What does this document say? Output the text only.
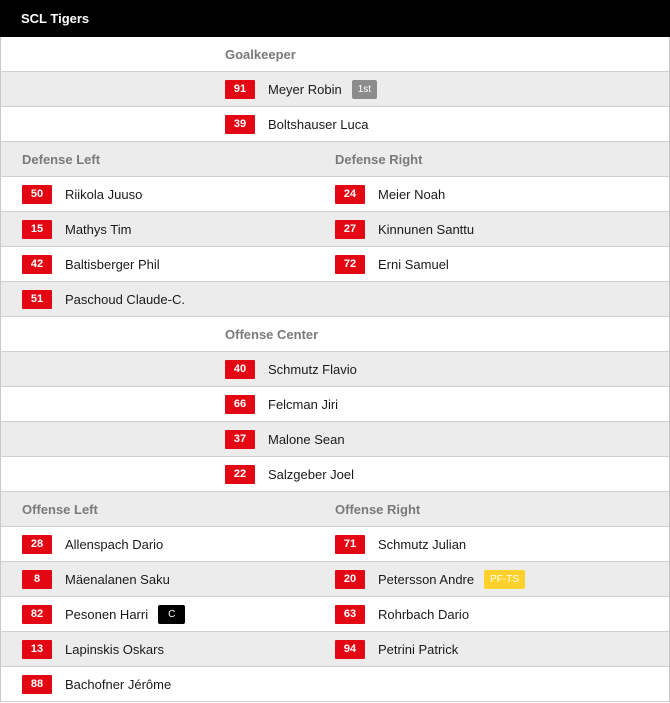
SCL Tigers
Goalkeeper
91	Meyer Robin	1st
39	Boltshauser Luca
Defense Left	Defense Right
50	Riikola Juuso	24	Meier Noah
15	Mathys Tim	27	Kinnunen Santtu
42	Baltisberger Phil	72	Erni Samuel
51	Paschoud Claude-C.
Offense Center
40	Schmutz Flavio
66	Felcman Jiri
37	Malone Sean
22	Salzgeber Joel
Offense Left	Offense Right
28	Allenspach Dario	71	Schmutz Julian
8	Mäenalanen Saku	20	Petersson Andre	PF-TS
82	Pesonen Harri	C	63	Rohrbach Dario
13	Lapinskis Oskars	94	Petrini Patrick
88	Bachofner Jérôme
